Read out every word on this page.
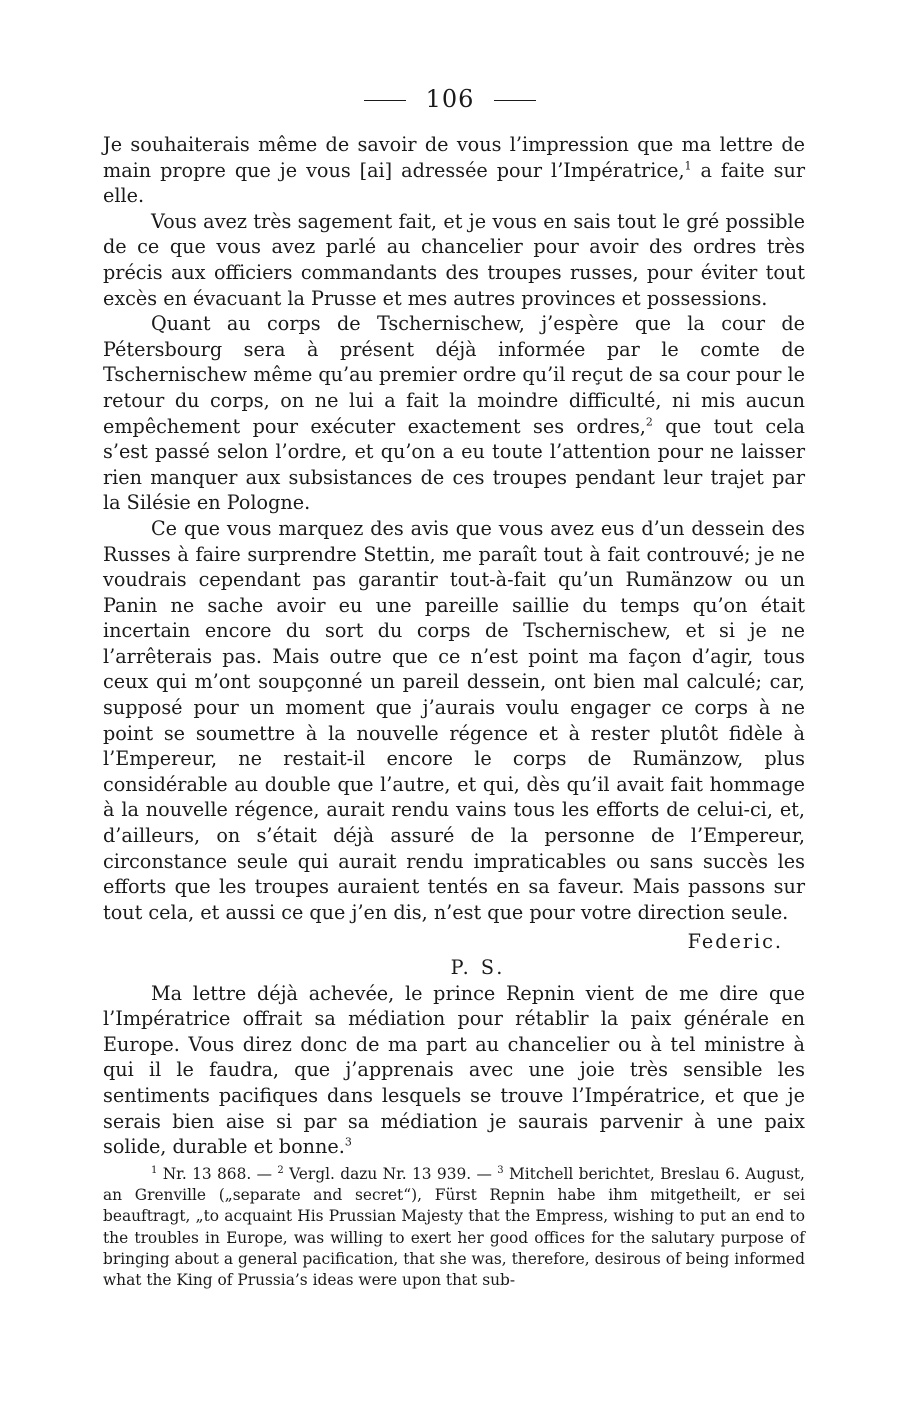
106

Je souhaiterais même de savoir de vous l’impression que ma lettre de main propre que je vous [ai] adressée pour l’Impératrice,$^1$ a faite sur elle.

Vous avez très sagement fait, et je vous en sais tout le gré possible de ce que vous avez parlé au chancelier pour avoir des ordres très précis aux officiers commandants des troupes russes, pour éviter tout excès en évacuant la Prusse et mes autres provinces et possessions.

Quant au corps de Tschernischew, j’espère que la cour de Pétersbourg sera à présent déjà informée par le comte de Tschernischew même qu’au premier ordre qu’il reçut de sa cour pour le retour du corps, on ne lui a fait la moindre difficulté, ni mis aucun empêchement pour exécuter exactement ses ordres,$^2$ que tout cela s’est passé selon l’ordre, et qu’on a eu toute l’attention pour ne laisser rien manquer aux subsistances de ces troupes pendant leur trajet par la Silésie en Pologne.

Ce que vous marquez des avis que vous avez eus d’un dessein des Russes à faire surprendre Stettin, me paraît tout à fait controuvé; je ne voudrais cependant pas garantir tout-à-fait qu’un Rumänzow ou un Panin ne sache avoir eu une pareille saillie du temps qu’on était incertain encore du sort du corps de Tschernischew, et si je ne l’arrêterais pas. Mais outre que ce n’est point ma façon d’agir, tous ceux qui m’ont soupçonné un pareil dessein, ont bien mal calculé; car, supposé pour un moment que j’aurais voulu engager ce corps à ne point se soumettre à la nouvelle régence et à rester plutôt fidèle à l’Empereur, ne restait-il encore le corps de Rumänzow, plus considérable au double que l’autre, et qui, dès qu’il avait fait hommage à la nouvelle régence, aurait rendu vains tous les efforts de celui-ci, et, d’ailleurs, on s’était déjà assuré de la personne de l’Empereur, circonstance seule qui aurait rendu impraticables ou sans succès les efforts que les troupes auraient tentés en sa faveur. Mais passons sur tout cela, et aussi ce que j’en dis, n’est que pour votre direction seule.

Federic.

P. S.

Ma lettre déjà achevée, le prince Repnin vient de me dire que l’Impératrice offrait sa médiation pour rétablir la paix générale en Europe. Vous direz donc de ma part au chancelier ou à tel ministre à qui il le faudra, que j’apprenais avec une joie très sensible les sentiments pacifiques dans lesquels se trouve l’Impératrice, et que je serais bien aise si par sa médiation je saurais parvenir à une paix solide, durable et bonne.$^3$

$^1$ Nr. 13 868. — $^2$ Vergl. dazu Nr. 13 939. — $^3$ Mitchell berichtet, Breslau 6. August, an Grenville („separate and secret“), Fürst Repnin habe ihm mitgetheilt, er sei beauftragt, „to acquaint His Prussian Majesty that the Empress, wishing to put an end to the troubles in Europe, was willing to exert her good offices for the salutary purpose of bringing about a general pacification, that she was, therefore, desirous of being informed what the King of Prussia’s ideas were upon that sub-
